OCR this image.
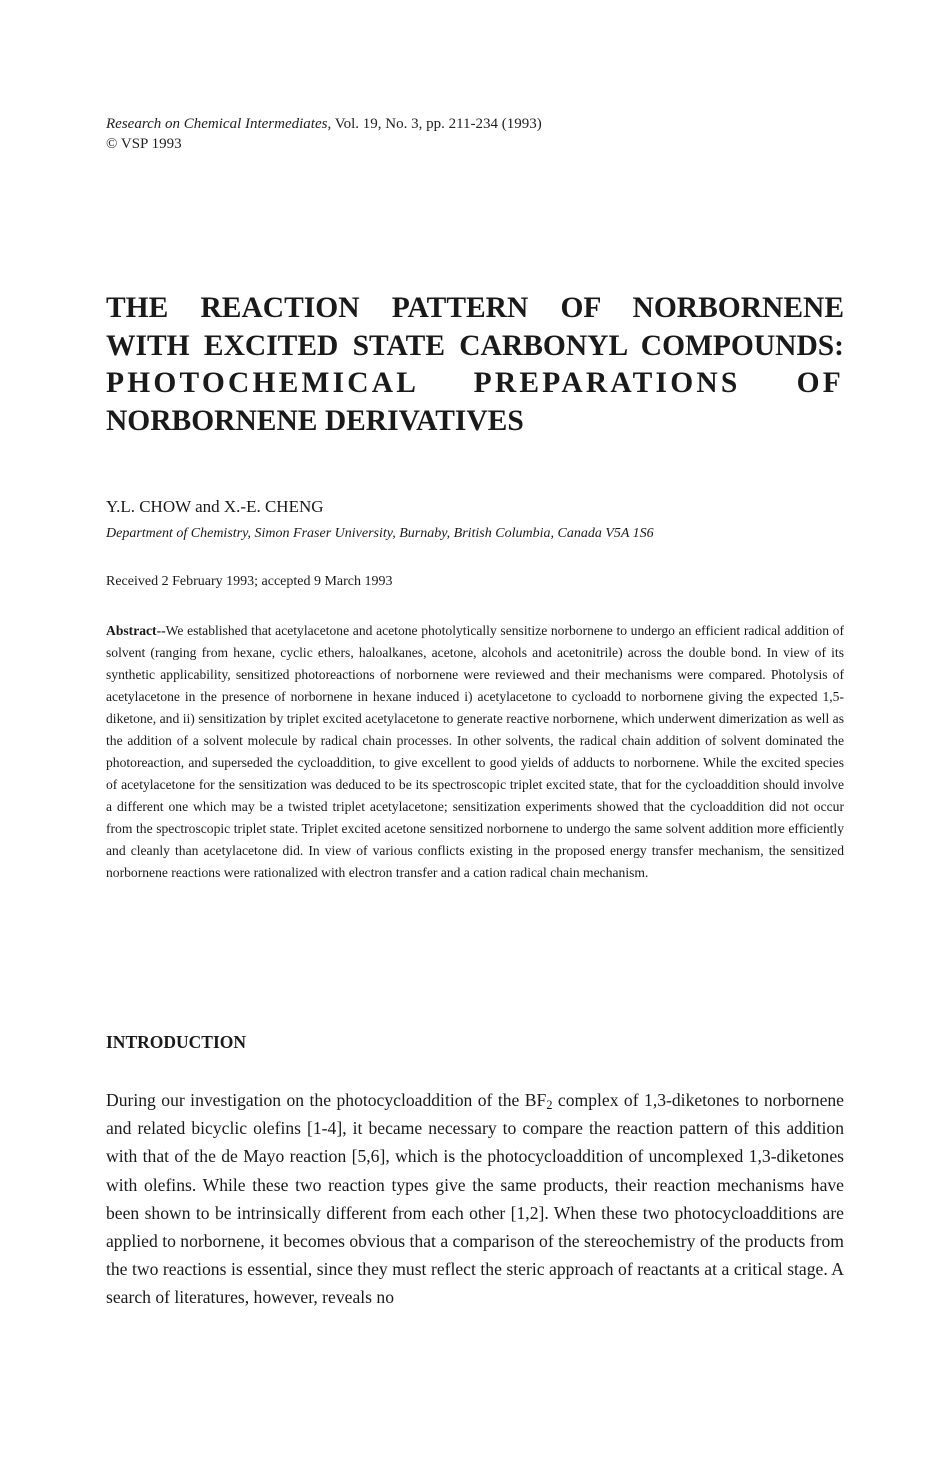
Research on Chemical Intermediates, Vol. 19, No. 3, pp. 211-234 (1993)
© VSP 1993
THE REACTION PATTERN OF NORBORNENE
WITH EXCITED STATE CARBONYL COMPOUNDS:
PHOTOCHEMICAL PREPARATIONS OF
NORBORNENE DERIVATIVES
Y.L. CHOW and X.-E. CHENG
Department of Chemistry, Simon Fraser University, Burnaby, British Columbia, Canada V5A 1S6
Received 2 February 1993; accepted 9 March 1993

Abstract--We established that acetylacetone and acetone photolytically sensitize norbornene to undergo an efficient radical addition of solvent (ranging from hexane, cyclic ethers, haloalkanes, acetone, alcohols and acetonitrile) across the double bond. In view of its synthetic applicability, sensitized photoreactions of norbornene were reviewed and their mechanisms were compared. Photolysis of acetylacetone in the presence of norbornene in hexane induced i) acetylacetone to cycloadd to norbornene giving the expected 1,5-diketone, and ii) sensitization by triplet excited acetylacetone to generate reactive norbornene, which underwent dimerization as well as the addition of a solvent molecule by radical chain processes. In other solvents, the radical chain addition of solvent dominated the photoreaction, and superseded the cycloaddition, to give excellent to good yields of adducts to norbornene. While the excited species of acetylacetone for the sensitization was deduced to be its spectroscopic triplet excited state, that for the cycloaddition should involve a different one which may be a twisted triplet acetylacetone; sensitization experiments showed that the cycloaddition did not occur from the spectroscopic triplet state. Triplet excited acetone sensitized norbornene to undergo the same solvent addition more efficiently and cleanly than acetylacetone did. In view of various conflicts existing in the proposed energy transfer mechanism, the sensitized norbornene reactions were rationalized with electron transfer and a cation radical chain mechanism.

INTRODUCTION

During our investigation on the photocycloaddition of the $BF_2$ complex of 1,3-diketones to norbornene and related bicyclic olefins [1-4], it became necessary to compare the reaction pattern of this addition with that of the de Mayo reaction [5,6], which is the photocycloaddition of uncomplexed 1,3-diketones with olefins. While these two reaction types give the same products, their reaction mechanisms have been shown to be intrinsically different from each other [1,2]. When these two photocycloadditions are applied to norbornene, it becomes obvious that a comparison of the stereochemistry of the products from the two reactions is essential, since they must reflect the steric approach of reactants at a critical stage. A search of literatures, however, reveals no
